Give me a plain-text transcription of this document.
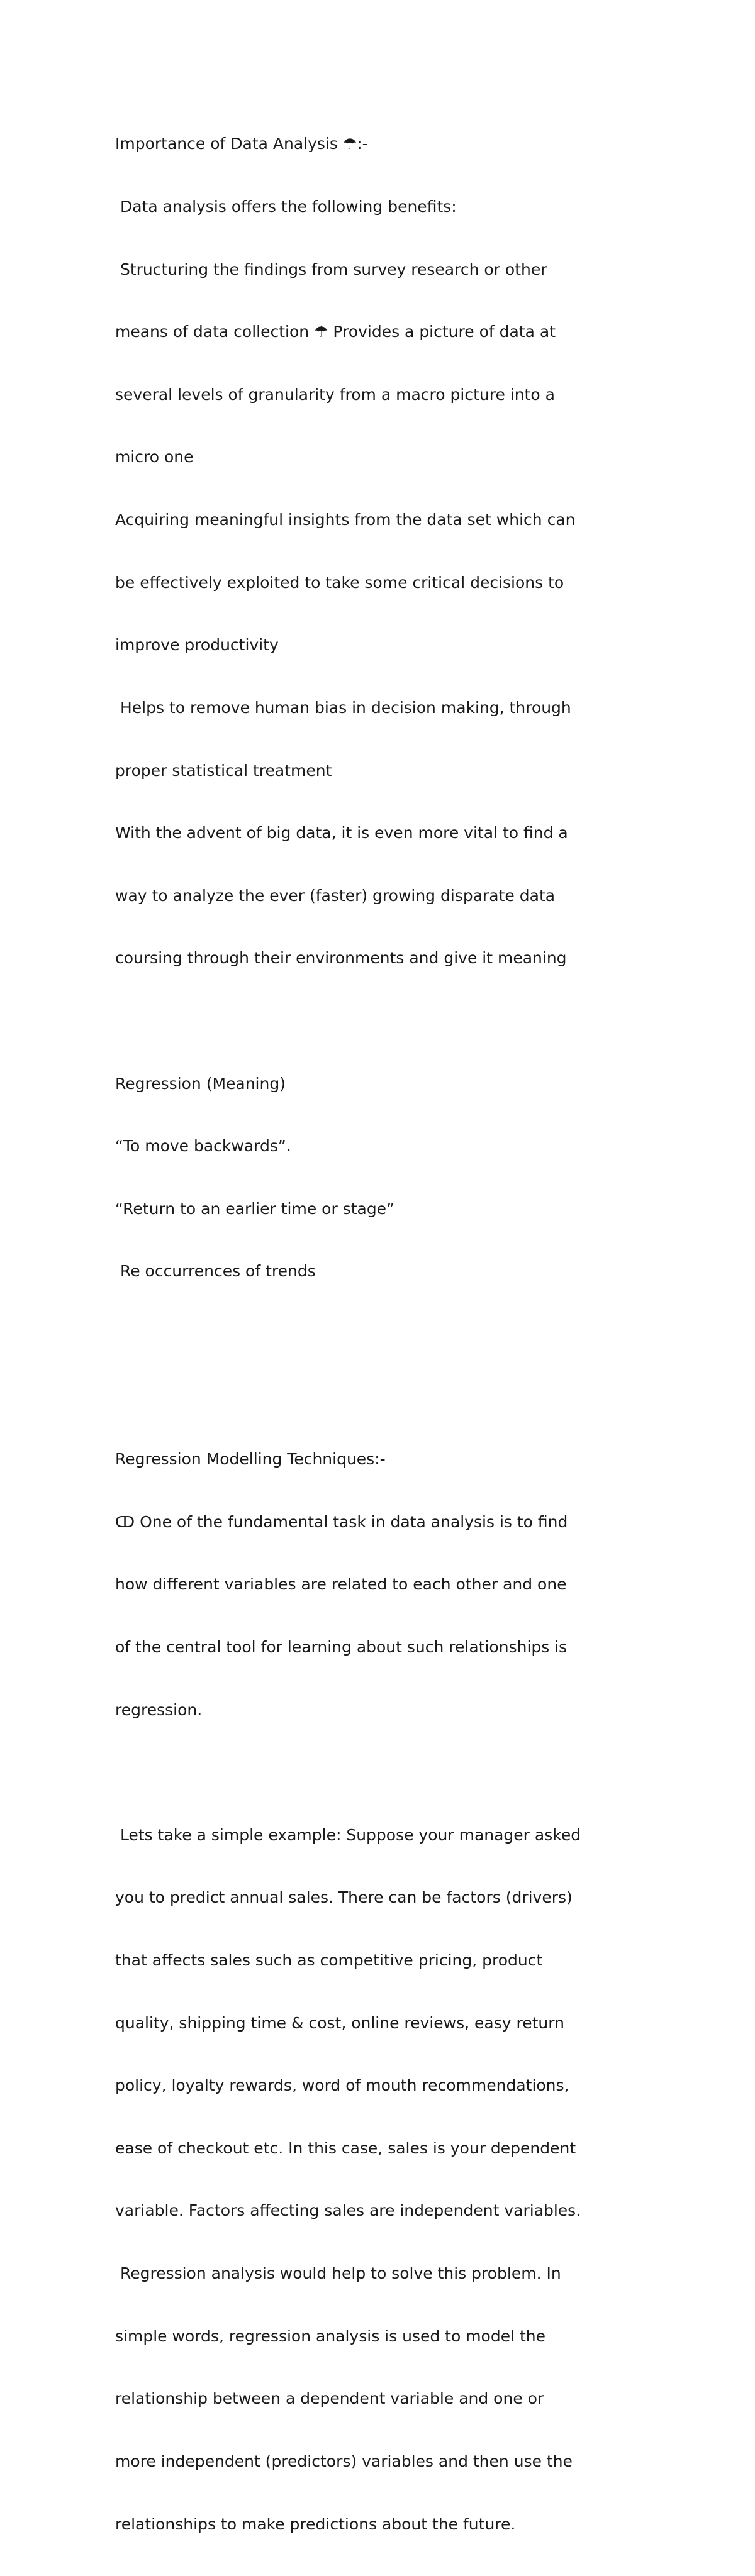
Importance of Data Analysis ☂:-

Data analysis offers the following benefits:

Structuring the findings from survey research or other

means of data collection ☂ Provides a picture of data at

several levels of granularity from a macro picture into a

micro one

Acquiring meaningful insights from the data set which can

be effectively exploited to take some critical decisions to

improve productivity

Helps to remove human bias in decision making, through

proper statistical treatment

With the advent of big data, it is even more vital to find a

way to analyze the ever (faster) growing disparate data

coursing through their environments and give it meaning

Regression (Meaning)

“To move backwards”.

“Return to an earlier time or stage”

Re occurrences of trends

Regression Modelling Techniques:-

ↀ One of the fundamental task in data analysis is to find

how different variables are related to each other and one

of the central tool for learning about such relationships is

regression.

Lets take a simple example: Suppose your manager asked

you to predict annual sales. There can be factors (drivers)

that affects sales such as competitive pricing, product

quality, shipping time & cost, online reviews, easy return

policy, loyalty rewards, word of mouth recommendations,

ease of checkout etc. In this case, sales is your dependent

variable. Factors affecting sales are independent variables.

Regression analysis would help to solve this problem. In

simple words, regression analysis is used to model the

relationship between a dependent variable and one or

more independent (predictors) variables and then use the

relationships to make predictions about the future.
